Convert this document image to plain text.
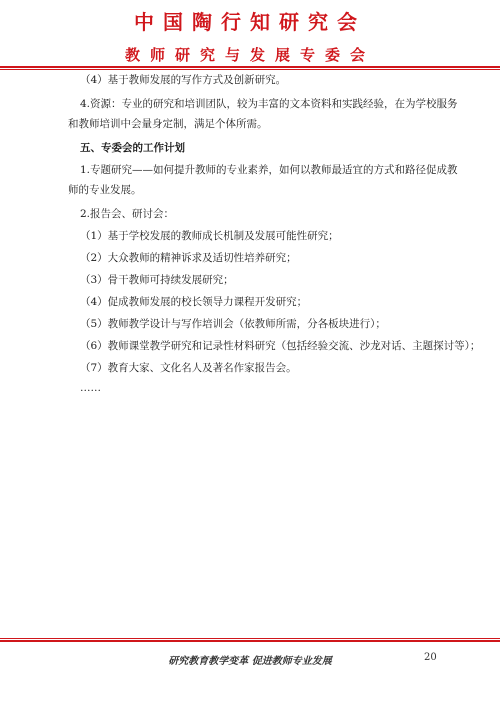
中国陶行知研究会
教师研究与发展专委会
（4）基于教师发展的写作方式及创新研究。
4.资源：专业的研究和培训团队，较为丰富的文本资料和实践经验，在为学校服务
和教师培训中会量身定制，满足个体所需。
五、专委会的工作计划
1.专题研究——如何提升教师的专业素养，如何以教师最适宜的方式和路径促成教
师的专业发展。
2.报告会、研讨会：
（1）基于学校发展的教师成长机制及发展可能性研究；
（2）大众教师的精神诉求及适切性培养研究；
（3）骨干教师可持续发展研究；
（4）促成教师发展的校长领导力课程开发研究；
（5）教师教学设计与写作培训会（依教师所需，分各板块进行）；
（6）教师课堂教学研究和记录性材料研究（包括经验交流、沙龙对话、主题探讨等）；
（7）教育大家、文化名人及著名作家报告会。
……
研究教育教学变革 促进教师专业发展	20
